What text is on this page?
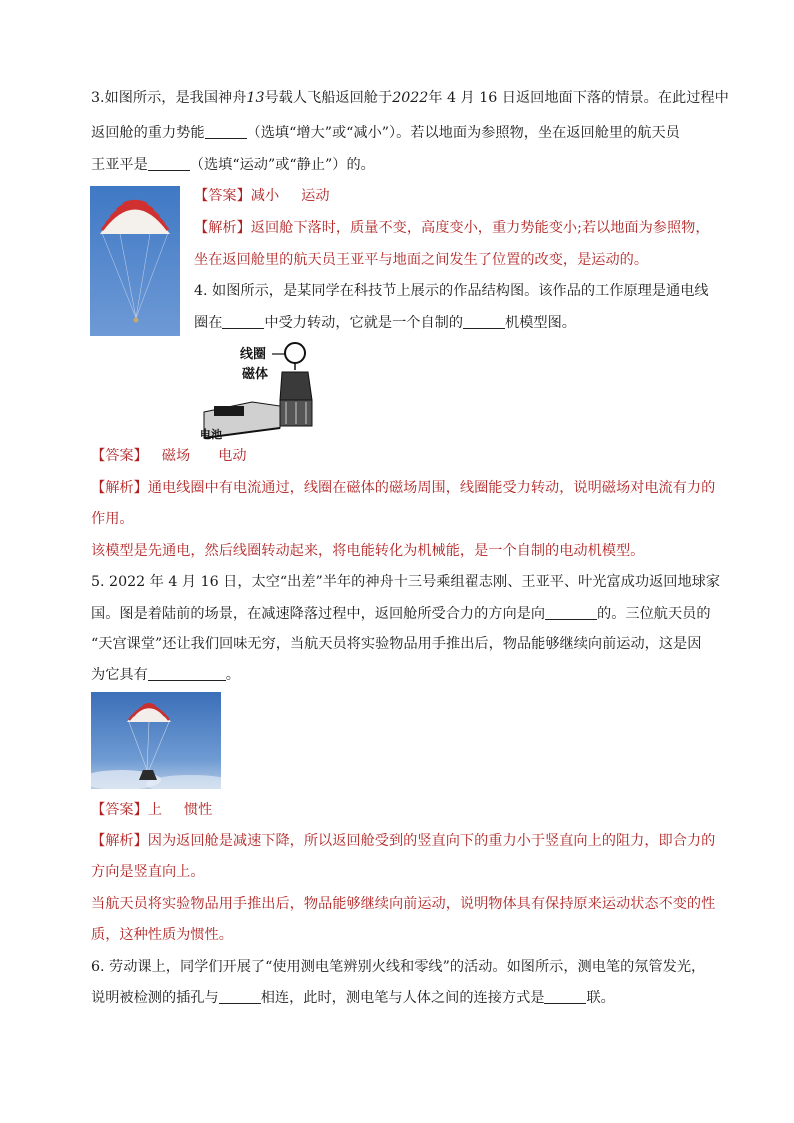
3.如图所示，是我国神舟13号载人飞船返回舱于2022年 4 月 16 日返回地面下落的情景。在此过程中
返回舱的重力势能	（选填“增大”或“减小”）。若以地面为参照物，坐在返回舱里的航天员
王亚平是	（选填“运动”或“静止”）的。
【答案】减小 运动
【解析】返回舱下落时，质量不变，高度变小，重力势能变小;若以地面为参照物，
坐在返回舱里的航天员王亚平与地面之间发生了位置的改变，是运动的。
4. 如图所示，是某同学在科技节上展示的作品结构图。该作品的工作原理是通电线
圈在	中受力转动，它就是一个自制的	机模型图。
线圈
磁体
电池
【答案】 磁场 电动
【解析】通电线圈中有电流通过，线圈在磁体的磁场周围，线圈能受力转动，说明磁场对电流有力的
作用。
该模型是先通电，然后线圈转动起来，将电能转化为机械能，是一个自制的电动机模型。
5. 2022 年 4 月 16 日，太空“出差”半年的神舟十三号乘组翟志刚、王亚平、叶光富成功返回地球家
国。图是着陆前的场景，在减速降落过程中，返回舱所受合力的方向是向	的。三位航天员的
“天宫课堂”还让我们回味无穷，当航天员将实验物品用手推出后，物品能够继续向前运动，这是因
为它具有	。
【答案】上 惯性
【解析】因为返回舱是减速下降，所以返回舱受到的竖直向下的重力小于竖直向上的阻力，即合力的
方向是竖直向上。
当航天员将实验物品用手推出后，物品能够继续向前运动，说明物体具有保持原来运动状态不变的性
质，这种性质为惯性。
6. 劳动课上，同学们开展了“使用测电笔辨别火线和零线”的活动。如图所示，测电笔的氖管发光，
说明被检测的插孔与	相连，此时，测电笔与人体之间的连接方式是	联。
